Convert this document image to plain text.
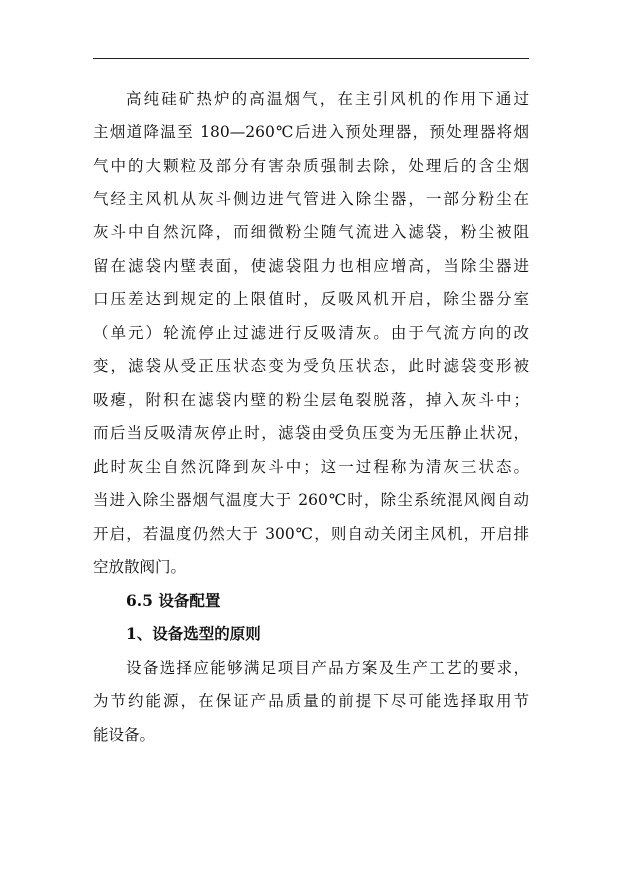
高纯硅矿热炉的高温烟气，在主引风机的作用下通过
主烟道降温至 180—260℃后进入预处理器，预处理器将烟
气中的大颗粒及部分有害杂质强制去除，处理后的含尘烟
气经主风机从灰斗侧边进气管进入除尘器，一部分粉尘在
灰斗中自然沉降，而细微粉尘随气流进入滤袋，粉尘被阻
留在滤袋内壁表面，使滤袋阻力也相应增高，当除尘器进
口压差达到规定的上限值时，反吸风机开启，除尘器分室
（单元）轮流停止过滤进行反吸清灰。由于气流方向的改
变，滤袋从受正压状态变为受负压状态，此时滤袋变形被
吸瘪，附积在滤袋内壁的粉尘层龟裂脱落，掉入灰斗中；
而后当反吸清灰停止时，滤袋由受负压变为无压静止状况，
此时灰尘自然沉降到灰斗中；这一过程称为清灰三状态。
当进入除尘器烟气温度大于 260℃时，除尘系统混风阀自动
开启，若温度仍然大于 300℃，则自动关闭主风机，开启排
空放散阀门。
6.5 设备配置
1、设备选型的原则
设备选择应能够满足项目产品方案及生产工艺的要求，
为节约能源，在保证产品质量的前提下尽可能选择取用节
能设备。
